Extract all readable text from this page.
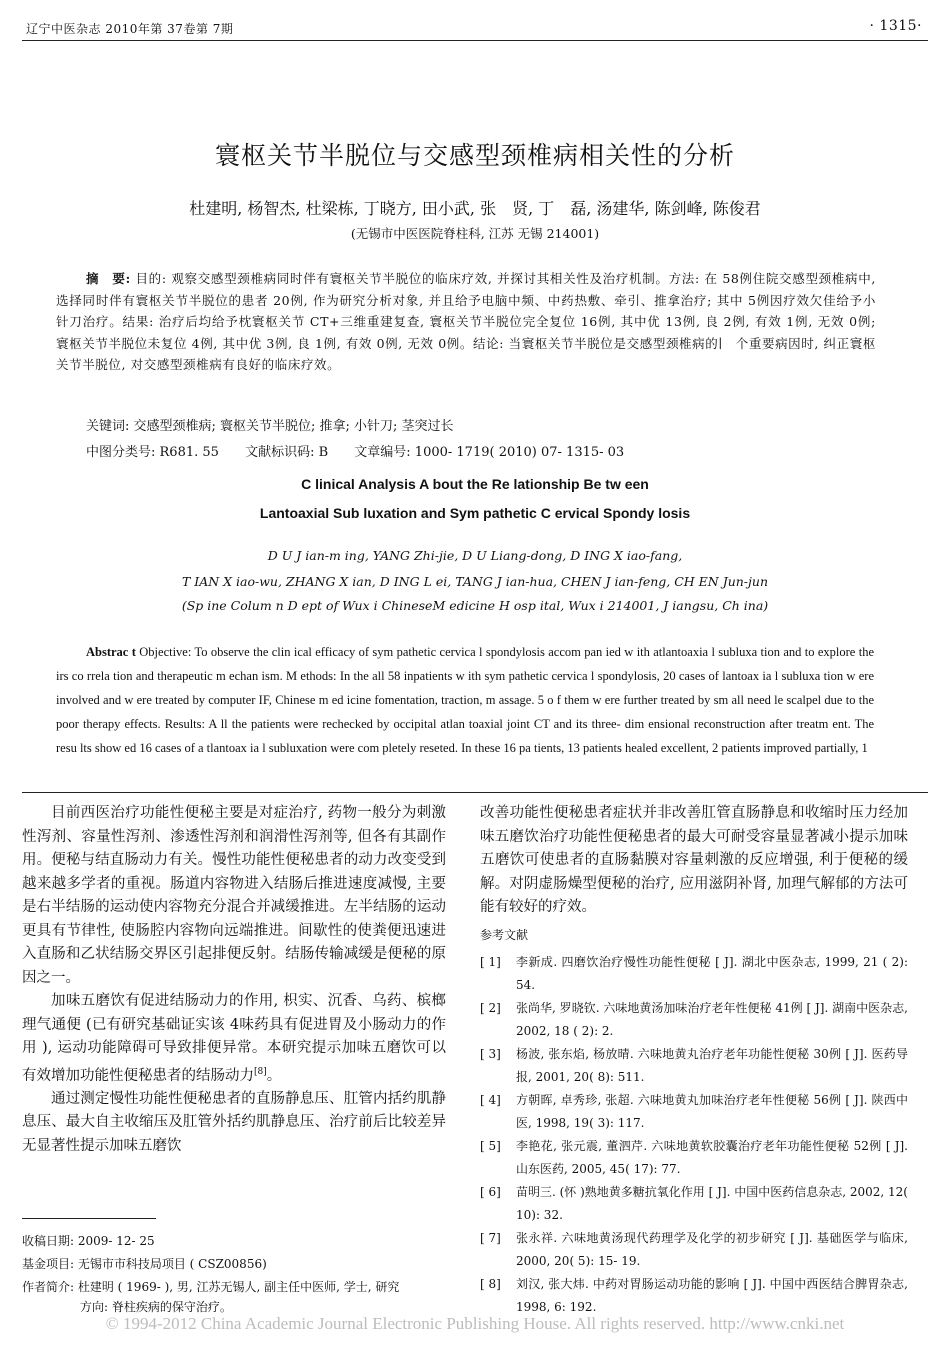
辽宁中医杂志 2010年第 37卷第 7期	· 1315·
寰枢关节半脱位与交感型颈椎病相关性的分析
杜建明, 杨智杰, 杜梁栋, 丁晓方, 田小武, 张　贤, 丁　磊, 汤建华, 陈剑峰, 陈俊君
(无锡市中医医院脊柱科, 江苏 无锡 214001)
摘　要: 目的: 观察交感型颈椎病同时伴有寰枢关节半脱位的临床疗效, 并探讨其相关性及治疗机制。方法: 在 58例住院交感型颈椎病中, 选择同时伴有寰枢关节半脱位的患者 20例, 作为研究分析对象, 并且给予电脑中频、中药热敷、牵引、推拿治疗; 其中 5例因疗效欠佳给予小针刀治疗。结果: 治疗后均给予枕寰枢关节 CT+三维重建复查, 寰枢关节半脱位完全复位 16例, 其中优 13例, 良 2例, 有效 1例, 无效 0例; 寰枢关节半脱位未复位 4例, 其中优 3例, 良 1例, 有效 0例, 无效 0例。结论: 当寰枢关节半脱位是交感型颈椎病的∣　个重要病因时, 纠正寰枢关节半脱位, 对交感型颈椎病有良好的临床疗效。
关键词: 交感型颈椎病; 寰枢关节半脱位; 推拿; 小针刀; 茎突过长
中图分类号: R681. 55 文献标识码: B 文章编号: 1000- 1719( 2010) 07- 1315- 03
C linical Analysis A bout the Re lationship Be tw een
Lantoaxial Sub luxation and Sym pathetic C ervical Spondy losis
D U J ian-m ing, YANG Zhi-jie, D U Liang-dong, D ING X iao-fang,
T IAN X iao-wu, ZHANG X ian, D ING L ei, TANG J ian-hua, CHEN J ian-feng, CH EN Jun-jun
(Sp ine Colum n D ept of Wux i ChineseM edicine H osp ital, Wux i 214001, J iangsu, Ch ina)
Abstrac t Objective: To observe the clin ical efficacy of sym pathetic cervica l spondylosis accom pan ied w ith atlantoaxia l subluxa tion and to explore the irs co rrela tion and therapeutic m echan ism. M ethods: In the all 58 inpatients w ith sym pathetic cervica l spondylosis, 20 cases of lantoax ia l subluxa tion w ere involved and w ere treated by computer IF, Chinese m ed icine fomentation, traction, m assage. 5 o f them w ere further treated by sm all need le scalpel due to the poor therapy effects. Results: A ll the patients were rechecked by occipital atlan toaxial joint CT and its three- dim ensional reconstruction after treatm ent. The resu lts show ed 16 cases of a tlantoax ia l subluxation were com pletely reseted. In these 16 pa tients, 13 patients healed excellent, 2 patients improved partially, 1

目前西医治疗功能性便秘主要是对症治疗, 药物一般分为刺激性泻剂、容量性泻剂、渗透性泻剂和润滑性泻剂等, 但各有其副作用。便秘与结直肠动力有关。慢性功能性便秘患者的动力改变受到越来越多学者的重视。肠道内容物进入结肠后推进速度减慢, 主要是右半结肠的运动使内容物充分混合并减缓推进。左半结肠的运动更具有节律性, 使肠腔内容物向远端推进。间歇性的使粪便迅速进入直肠和乙状结肠交界区引起排便反射。结肠传输减缓是便秘的原因之一。

加味五磨饮有促进结肠动力的作用, 枳实、沉香、乌药、槟榔理气通便 (已有研究基础证实该 4味药具有促进胃及小肠动力的作用 ), 运动功能障碍可导致排便异常。本研究提示加味五磨饮可以有效增加功能性便秘患者的结肠动力[8]。

通过测定慢性功能性便秘患者的直肠静息压、肛管内括约肌静息压、最大自主收缩压及肛管外括约肌静息压、治疗前后比较差异无显著性提示加味五磨饮

改善功能性便秘患者症状并非改善肛管直肠静息和收缩时压力经加味五磨饮治疗功能性便秘患者的最大可耐受容量显著减小提示加味五磨饮可使患者的直肠黏膜对容量刺激的反应增强, 利于便秘的缓解。对阴虚肠燥型便秘的治疗, 应用滋阴补肾, 加理气解郁的方法可能有较好的疗效。

参考文献
[ 1] 李新成. 四磨饮治疗慢性功能性便秘 [ J]. 湖北中医杂志, 1999, 21 ( 2): 54.
[ 2] 张尚华, 罗晓钦. 六味地黄汤加味治疗老年性便秘 41例 [ J]. 湖南中医杂志, 2002, 18 ( 2): 2.
[ 3] 杨波, 张东焰, 杨放晴. 六味地黄丸治疗老年功能性便秘 30例 [ J]. 医药导报, 2001, 20( 8): 511.
[ 4] 方朝晖, 卓秀珍, 张超. 六味地黄丸加味治疗老年性便秘 56例 [ J]. 陕西中医, 1998, 19( 3): 117.
[ 5] 李艳花, 张元震, 董泗芹. 六味地黄软胶囊治疗老年功能性便秘 52例 [ J]. 山东医药, 2005, 45( 17): 77.
[ 6] 苗明三. (怀 )熟地黄多糖抗氧化作用 [ J]. 中国中医药信息杂志, 2002, 12( 10): 32.
[ 7] 张永祥. 六味地黄汤现代药理学及化学的初步研究 [ J]. 基础医学与临床, 2000, 20( 5): 15- 19.
[ 8] 刘汉, 张大炜. 中药对胃肠运动功能的影响 [ J]. 中国中西医结合脾胃杂志, 1998, 6: 192.
收稿日期: 2009- 12- 25
基金项目: 无锡市市科技局项目 ( CSZ00856)
作者简介: 杜建明 ( 1969- ), 男, 江苏无锡人, 副主任中医师, 学士, 研究
方向: 脊柱疾病的保守治疗。
© 1994-2012 China Academic Journal Electronic Publishing House. All rights reserved. http://www.cnki.net
